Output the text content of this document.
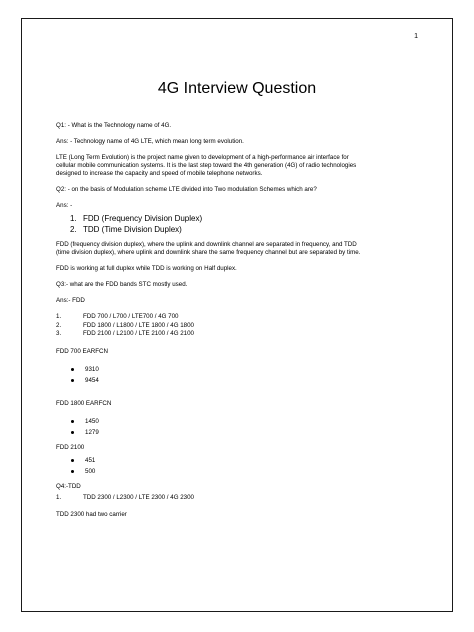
1
4G Interview Question

Q1: - What is the Technology name of 4G.

Ans: - Technology name of 4G LTE, which mean long term evolution.

LTE (Long Term Evolution) is the project name given to development of a high-performance air interface for
cellular mobile communication systems. It is the last step toward the 4th generation (4G) of radio technologies
designed to increase the capacity and speed of mobile telephone networks.

Q2: - on the basis of Modulation scheme LTE divided into Two modulation Schemes which are?

Ans: -

1. FDD (Frequency Division Duplex)
2. TDD (Time Division Duplex)

FDD (frequency division duplex), where the uplink and downlink channel are separated in frequency, and TDD
(time division duplex), where uplink and downlink share the same frequency channel but are separated by time.

FDD is working at full duplex while TDD is working on Half duplex.

Q3:- what are the FDD bands STC mostly used.

Ans:- FDD

1.	FDD 700 / L700 / LTE700 / 4G 700
2.	FDD 1800 / L1800 / LTE 1800 / 4G 1800
3.	FDD 2100 / L2100 / LTE 2100 / 4G 2100

FDD 700 EARFCN

9310
9454

FDD 1800 EARFCN

1450
1279

FDD 2100

451
500

Q4:-TDD

1.	TDD 2300 / L2300 / LTE 2300 / 4G 2300

TDD 2300 had two carrier
